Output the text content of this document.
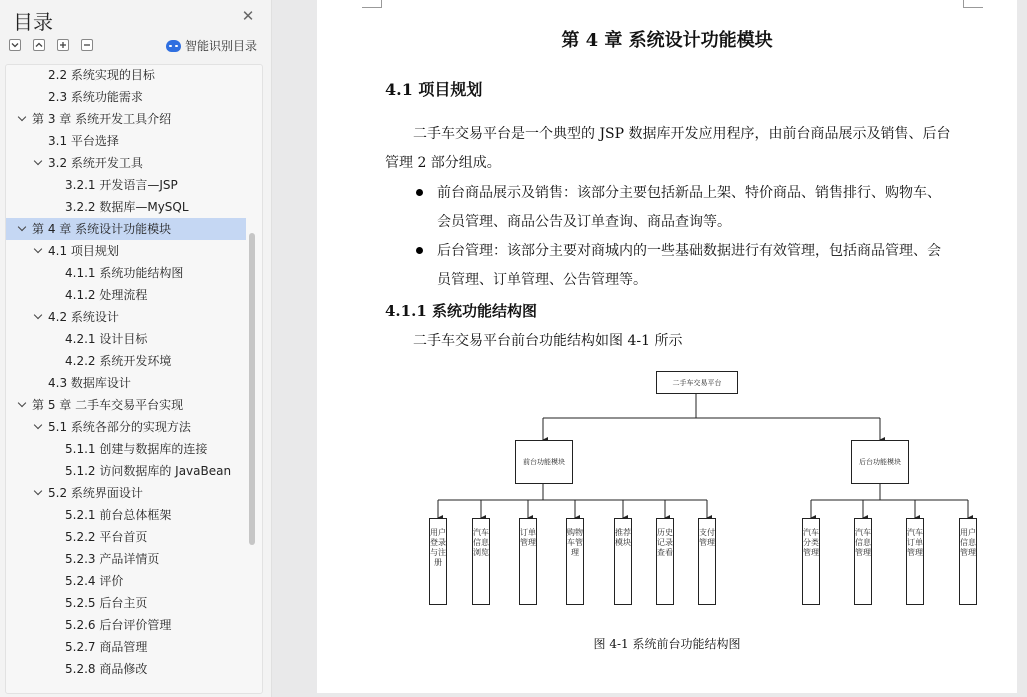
目录	✕
智能识别目录
2.2 系统实现的目标
2.3 系统功能需求
第 3 章 系统开发工具介绍
3.1 平台选择
3.2 系统开发工具
3.2.1 开发语言—JSP
3.2.2 数据库—MySQL
第 4 章 系统设计功能模块
4.1 项目规划
4.1.1 系统功能结构图
4.1.2 处理流程
4.2 系统设计
4.2.1 设计目标
4.2.2 系统开发环境
4.3 数据库设计
第 5 章 二手车交易平台实现
5.1 系统各部分的实现方法
5.1.1 创建与数据库的连接
5.1.2 访问数据库的 JavaBean
5.2 系统界面设计
5.2.1 前台总体框架
5.2.2 平台首页
5.2.3 产品详情页
5.2.4 评价
5.2.5 后台主页
5.2.6 后台评价管理
5.2.7 商品管理
5.2.8 商品修改
第 4 章 系统设计功能模块
4.1 项目规划
二手车交易平台是一个典型的 JSP 数据库开发应用程序，由前台商品展示及销售、后台
管理 2 部分组成。
前台商品展示及销售：该部分主要包括新品上架、特价商品、销售排行、购物车、
会员管理、商品公告及订单查询、商品查询等。
后台管理：该部分主要对商城内的一些基础数据进行有效管理，包括商品管理、会
员管理、订单管理、公告管理等。
4.1.1 系统功能结构图
二手车交易平台前台功能结构如图 4-1 所示
二手车交易平台
前台功能模块	后台功能模块
用户登录与注册
汽车信息浏览
订单管理
购物车管理
推荐模块
历史记录查看
支付管理
汽车分类管理
汽车信息管理
汽车订单管理
用户信息管理
图 4-1 系统前台功能结构图
